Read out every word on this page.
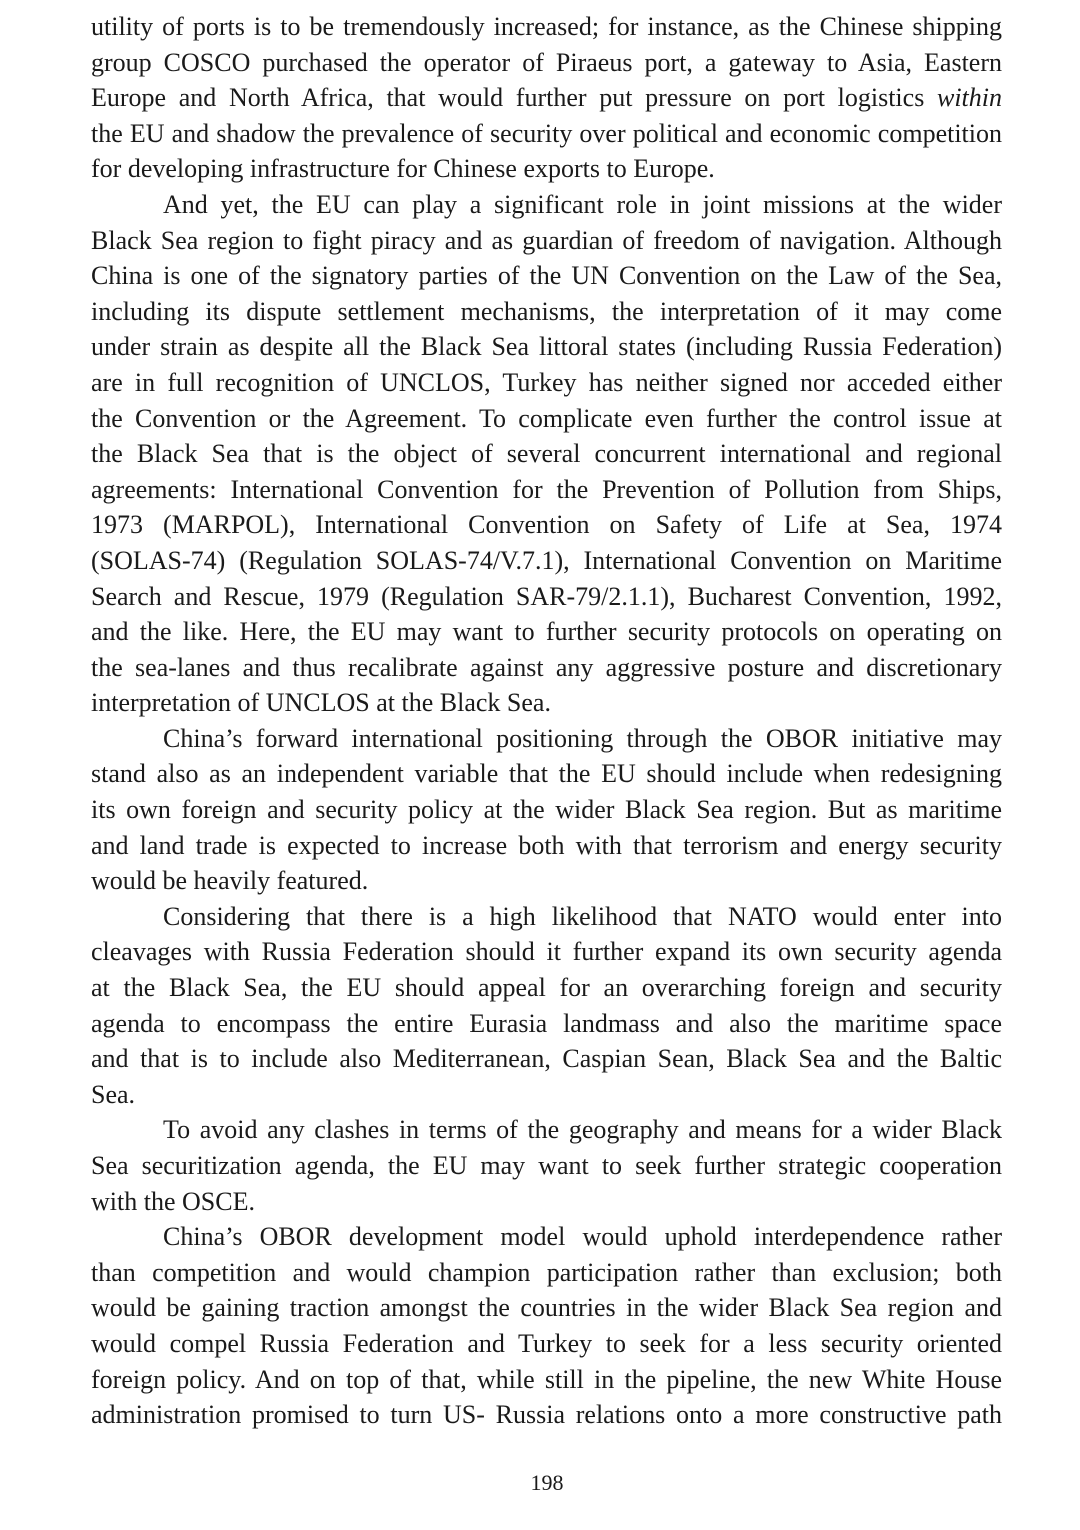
utility of ports is to be tremendously increased; for instance, as the Chinese shipping
group COSCO purchased the operator of Piraeus port, a gateway to Asia, Eastern
Europe and North Africa, that would further put pressure on port logistics within
the EU and shadow the prevalence of security over political and economic competition
for developing infrastructure for Chinese exports to Europe.
And yet, the EU can play a significant role in joint missions at the wider
Black Sea region to fight piracy and as guardian of freedom of navigation. Although
China is one of the signatory parties of the UN Convention on the Law of the Sea,
including its dispute settlement mechanisms, the interpretation of it may come
under strain as despite all the Black Sea littoral states (including Russia Federation)
are in full recognition of UNCLOS, Turkey has neither signed nor acceded either
the Convention or the Agreement. To complicate even further the control issue at
the Black Sea that is the object of several concurrent international and regional
agreements: International Convention for the Prevention of Pollution from Ships,
1973 (MARPOL), International Convention on Safety of Life at Sea, 1974
(SOLAS-74) (Regulation SOLAS-74/V.7.1), International Convention on Maritime
Search and Rescue, 1979 (Regulation SAR-79/2.1.1), Bucharest Convention, 1992,
and the like. Here, the EU may want to further security protocols on operating on
the sea-lanes and thus recalibrate against any aggressive posture and discretionary
interpretation of UNCLOS at the Black Sea.
China’s forward international positioning through the OBOR initiative may
stand also as an independent variable that the EU should include when redesigning
its own foreign and security policy at the wider Black Sea region. But as maritime
and land trade is expected to increase both with that terrorism and energy security
would be heavily featured.
Considering that there is a high likelihood that NATO would enter into
cleavages with Russia Federation should it further expand its own security agenda
at the Black Sea, the EU should appeal for an overarching foreign and security
agenda to encompass the entire Eurasia landmass and also the maritime space
and that is to include also Mediterranean, Caspian Sean, Black Sea and the Baltic
Sea.
To avoid any clashes in terms of the geography and means for a wider Black
Sea securitization agenda, the EU may want to seek further strategic cooperation
with the OSCE.
China’s OBOR development model would uphold interdependence rather
than competition and would champion participation rather than exclusion; both
would be gaining traction amongst the countries in the wider Black Sea region and
would compel Russia Federation and Turkey to seek for a less security oriented
foreign policy. And on top of that, while still in the pipeline, the new White House
administration promised to turn US- Russia relations onto a more constructive path
198
